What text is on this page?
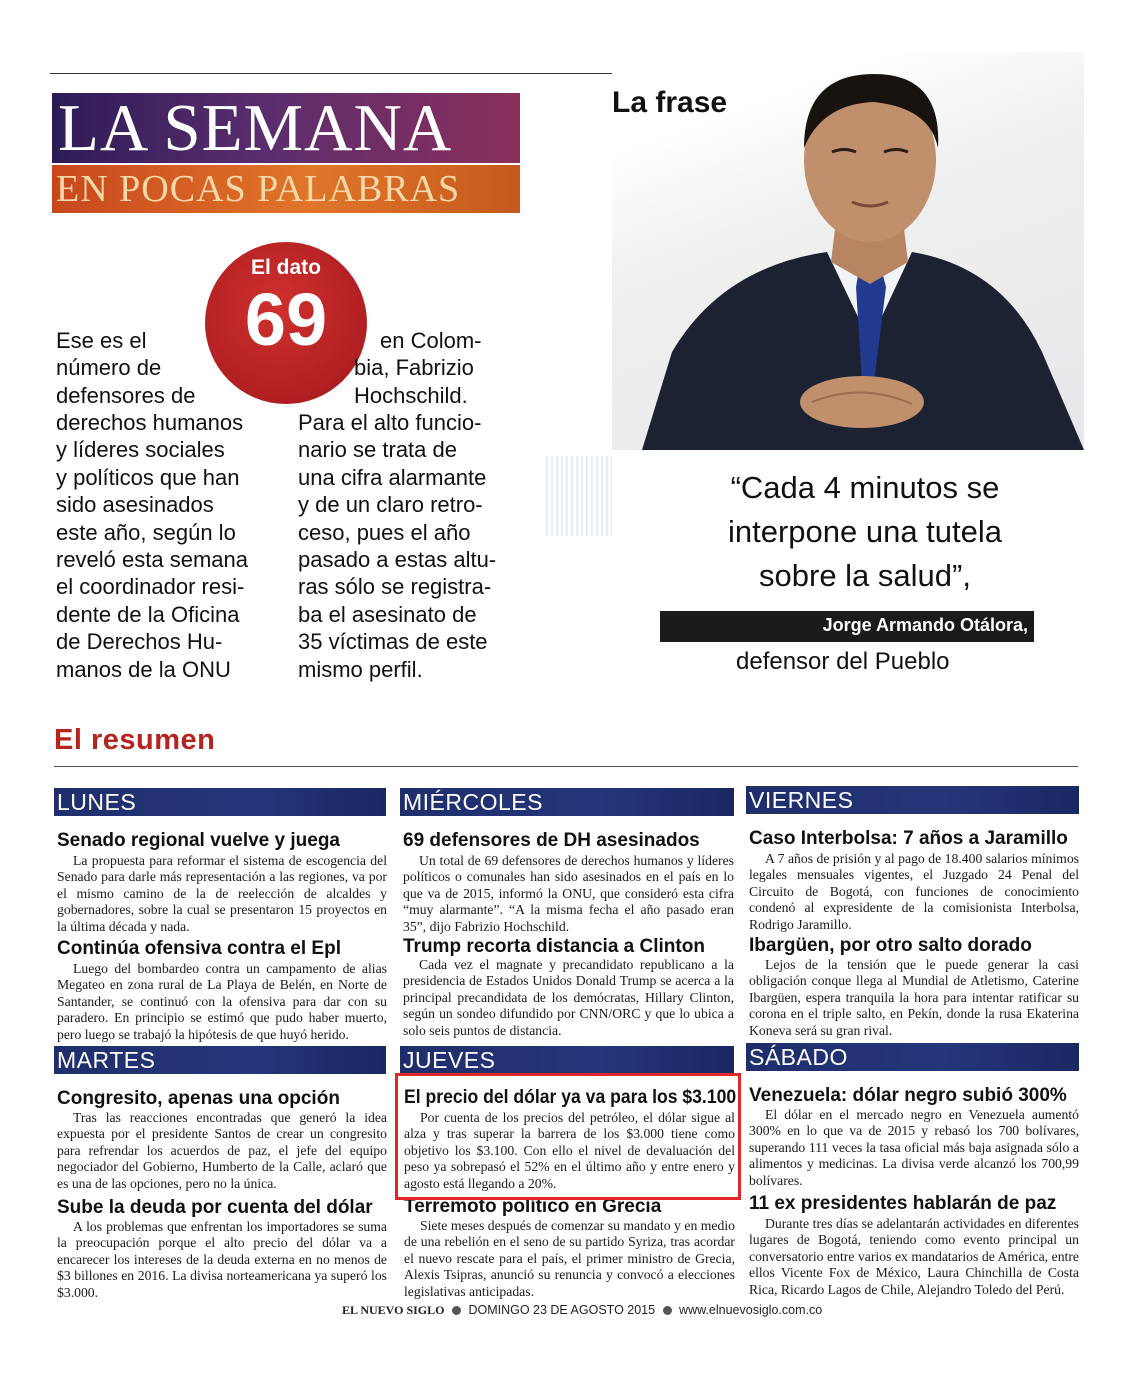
LA SEMANA
EN POCAS PALABRAS
El dato
69
Ese es el
número de
defensores de
derechos humanos
y líderes sociales
y políticos que han
sido asesinados
este año, según lo
reveló esta semana
el coordinador resi-
dente de la Oficina
de Derechos Hu-
manos de la ONU
en Colom-
bia, Fabrizio
Hochschild.
Para el alto funcio-
nario se trata de
una cifra alarmante
y de un claro retro-
ceso, pues el año
pasado a estas altu-
ras sólo se registra-
ba el asesinato de
35 víctimas de este
mismo perfil.
La frase
“Cada 4 minutos se
interpone una tutela
sobre la salud”,
Jorge Armando Otálora,
defensor del Pueblo
El resumen
LUNES	MIÉRCOLES	VIERNES
MARTES	JUEVES	SÁBADO
Senado regional vuelve y juega
La propuesta para reformar el sistema de escogencia del Senado para darle más representación a las regiones, va por el mismo camino de la de reelección de alcaldes y gobernadores, sobre la cual se presentaron 15 proyectos en la última década y nada.
Continúa ofensiva contra el Epl
Luego del bombardeo contra un campamento de alias Megateo en zona rural de La Playa de Belén, en Norte de Santander, se continuó con la ofensiva para dar con su paradero. En principio se estimó que pudo haber muerto, pero luego se trabajó la hipótesis de que huyó herido.
Congresito, apenas una opción
Tras las reacciones encontradas que generó la idea expuesta por el presidente Santos de crear un congresito para refrendar los acuerdos de paz, el jefe del equipo negociador del Gobierno, Humberto de la Calle, aclaró que es una de las opciones, pero no la única.
Sube la deuda por cuenta del dólar
A los problemas que enfrentan los importadores se suma la preocupación porque el alto precio del dólar va a encarecer los intereses de la deuda externa en no menos de $3 billones en 2016. La divisa norteamericana ya superó los $3.000.
69 defensores de DH asesinados
Un total de 69 defensores de derechos humanos y líderes políticos o comunales han sido asesinados en el país en lo que va de 2015, informó la ONU, que consideró esta cifra “muy alarmante”. “A la misma fecha el año pasado eran 35”, dijo Fabrizio Hochschild.
Trump recorta distancia a Clinton
Cada vez el magnate y precandidato republicano a la presidencia de Estados Unidos Donald Trump se acerca a la principal precandidata de los demócratas, Hillary Clinton, según un sondeo difundido por CNN/ORC y que lo ubica a solo seis puntos de distancia.
El precio del dólar ya va para los $3.100
Por cuenta de los precios del petróleo, el dólar sigue al alza y tras superar la barrera de los $3.000 tiene como objetivo los $3.100. Con ello el nivel de devaluación del peso ya sobrepasó el 52% en el último año y entre enero y agosto está llegando a 20%.
Terremoto político en Grecia
Siete meses después de comenzar su mandato y en medio de una rebelión en el seno de su partido Syriza, tras acordar el nuevo rescate para el país, el primer ministro de Grecia, Alexis Tsipras, anunció su renuncia y convocó a elecciones legislativas anticipadas.
Caso Interbolsa: 7 años a Jaramillo
A 7 años de prisión y al pago de 18.400 salarios mínimos legales mensuales vigentes, el Juzgado 24 Penal del Circuito de Bogotá, con funciones de conocimiento condenó al expresidente de la comisionista Interbolsa, Rodrigo Jaramillo.
Ibargüen, por otro salto dorado
Lejos de la tensión que le puede generar la casi obligación conque llega al Mundial de Atletismo, Caterine Ibargüen, espera tranquila la hora para intentar ratificar su corona en el triple salto, en Pekín, donde la rusa Ekaterina Koneva será su gran rival.
Venezuela: dólar negro subió 300%
El dólar en el mercado negro en Venezuela aumentó 300% en lo que va de 2015 y rebasó los 700 bolívares, superando 111 veces la tasa oficial más baja asignada sólo a alimentos y medicinas. La divisa verde alcanzó los 700,99 bolívares.
11 ex presidentes hablarán de paz
Durante tres días se adelantarán actividades en diferentes lugares de Bogotá, teniendo como evento principal un conversatorio entre varios ex mandatarios de América, entre ellos Vicente Fox de México, Laura Chinchilla de Costa Rica, Ricardo Lagos de Chile, Alejandro Toledo del Perú.
EL NUEVO SIGLO DOMINGO 23 DE AGOSTO 2015 www.elnuevosiglo.com.co
